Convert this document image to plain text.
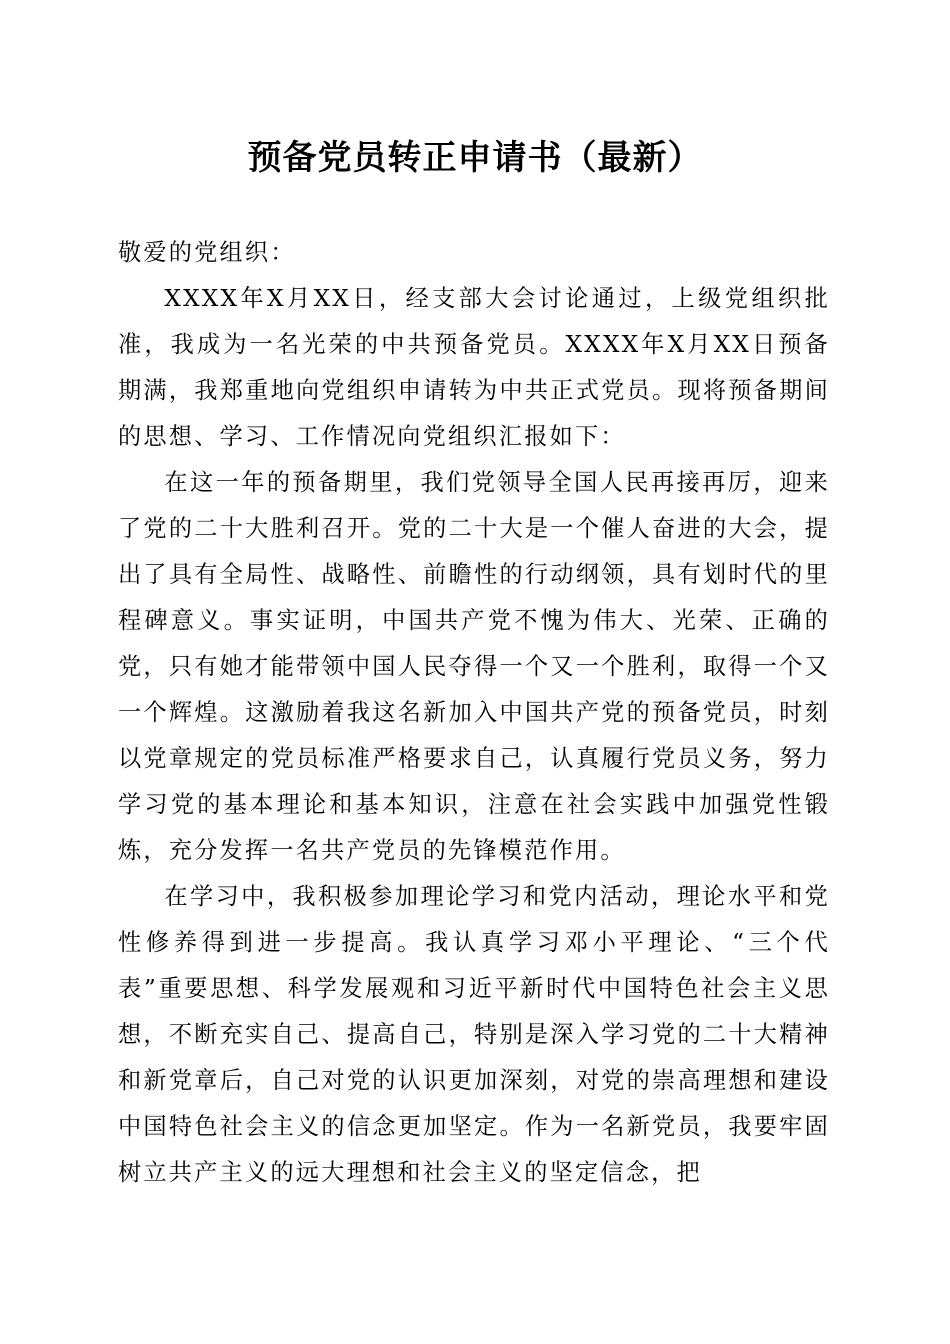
预备党员转正申请书（最新）

敬爱的党组织：

XXXX年X月XX日，经支部大会讨论通过，上级党组织批准，我成为一名光荣的中共预备党员。XXXX年X月XX日预备期满，我郑重地向党组织申请转为中共正式党员。现将预备期间的思想、学习、工作情况向党组织汇报如下：

在这一年的预备期里，我们党领导全国人民再接再厉，迎来了党的二十大胜利召开。党的二十大是一个催人奋进的大会，提出了具有全局性、战略性、前瞻性的行动纲领，具有划时代的里程碑意义。事实证明，中国共产党不愧为伟大、光荣、正确的党，只有她才能带领中国人民夺得一个又一个胜利，取得一个又一个辉煌。这激励着我这名新加入中国共产党的预备党员，时刻以党章规定的党员标准严格要求自己，认真履行党员义务，努力学习党的基本理论和基本知识，注意在社会实践中加强党性锻炼，充分发挥一名共产党员的先锋模范作用。

在学习中，我积极参加理论学习和党内活动，理论水平和党性修养得到进一步提高。我认真学习邓小平理论、“三个代表”重要思想、科学发展观和习近平新时代中国特色社会主义思想，不断充实自己、提高自己，特别是深入学习党的二十大精神和新党章后，自己对党的认识更加深刻，对党的崇高理想和建设中国特色社会主义的信念更加坚定。作为一名新党员，我要牢固树立共产主义的远大理想和社会主义的坚定信念，把
